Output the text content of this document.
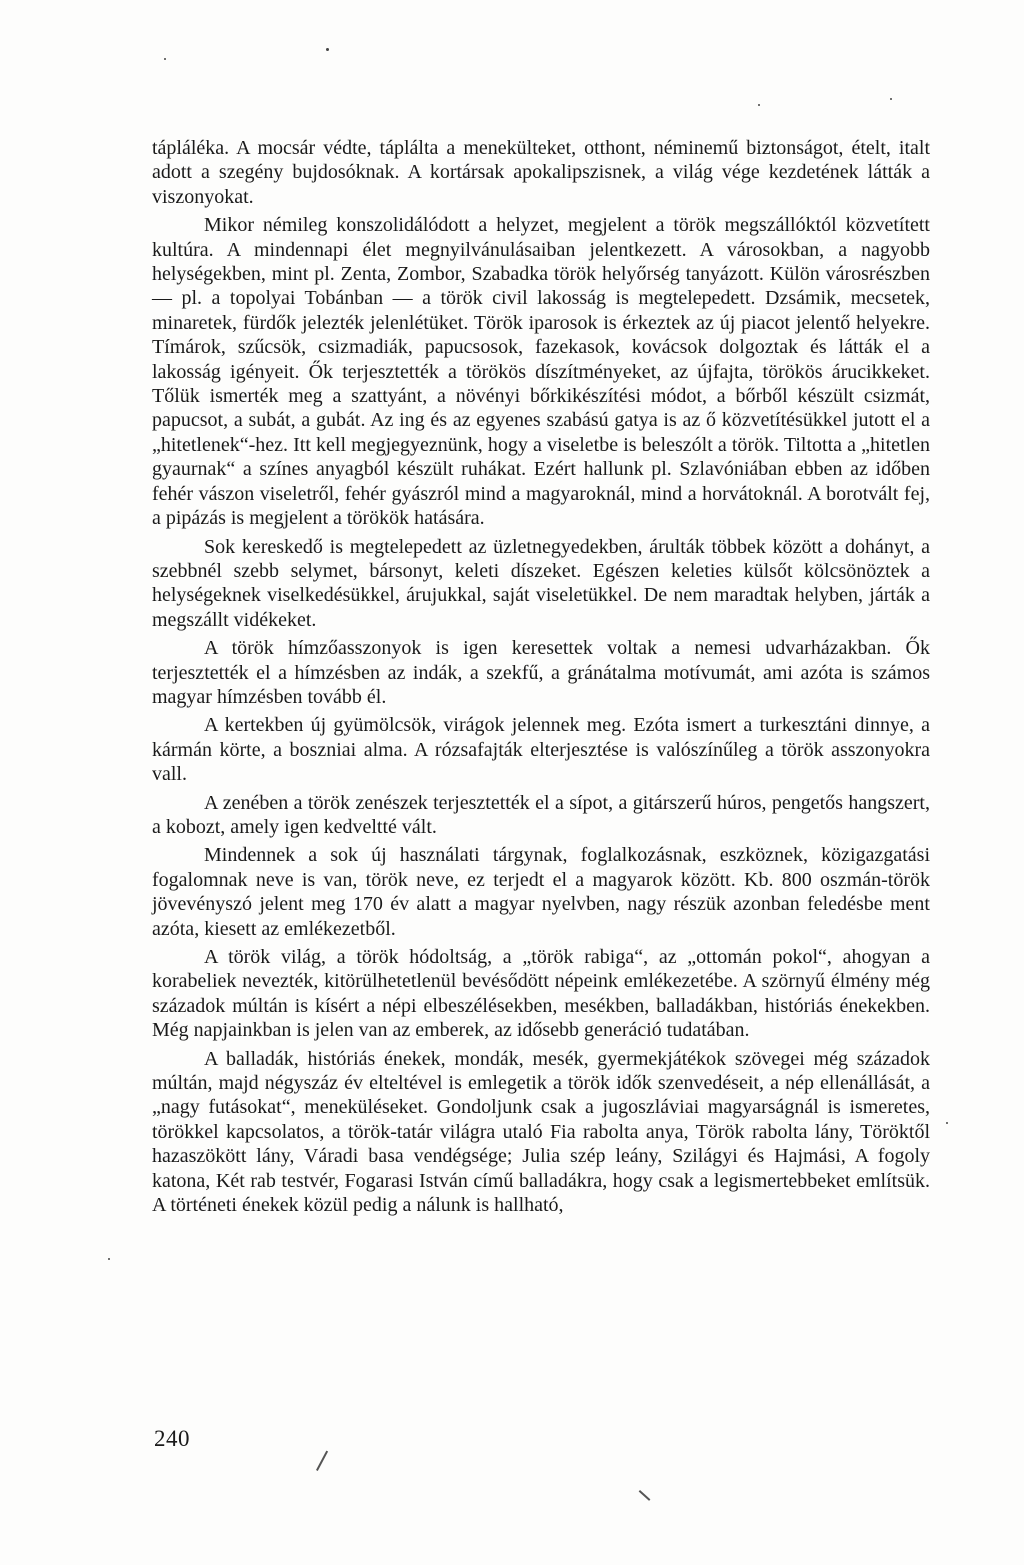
tápláléka. A mocsár védte, táplálta a menekülteket, otthont, néminemű biztonságot, ételt, italt adott a szegény bujdosóknak. A kortársak apokalipszisnek, a világ vége kezdetének látták a viszonyokat.

Mikor némileg konszolidálódott a helyzet, megjelent a török megszállóktól közvetített kultúra. A mindennapi élet megnyilvánulásaiban jelentkezett. A városokban, a nagyobb helységekben, mint pl. Zenta, Zombor, Szabadka török helyőrség tanyázott. Külön városrészben — pl. a topolyai Tobánban — a török civil lakosság is megtelepedett. Dzsámik, mecsetek, minaretek, fürdők jelezték jelenlétüket. Török iparosok is érkeztek az új piacot jelentő helyekre. Tímárok, szűcsök, csizmadiák, papucsosok, fazekasok, kovácsok dolgoztak és látták el a lakosság igényeit. Ők terjesztették a törökös díszítményeket, az újfajta, törökös árucikkeket. Tőlük ismerték meg a szattyánt, a növényi bőrkikészítési módot, a bőrből készült csizmát, papucsot, a subát, a gubát. Az ing és az egyenes szabású gatya is az ő közvetítésükkel jutott el a „hitetlenek“-hez. Itt kell megjegyeznünk, hogy a viseletbe is beleszólt a török. Tiltotta a „hitetlen gyaurnak“ a színes anyagból készült ruhákat. Ezért hallunk pl. Szlavóniában ebben az időben fehér vászon viseletről, fehér gyászról mind a magyaroknál, mind a horvátoknál. A borotvált fej, a pipázás is megjelent a törökök hatására.

Sok kereskedő is megtelepedett az üzletnegyedekben, árulták többek között a dohányt, a szebbnél szebb selymet, bársonyt, keleti díszeket. Egészen keleties külsőt kölcsönöztek a helységeknek viselkedésükkel, árujukkal, saját viseletükkel. De nem maradtak helyben, járták a megszállt vidékeket.

A török hímzőasszonyok is igen keresettek voltak a nemesi udvarházakban. Ők terjesztették el a hímzésben az indák, a szekfű, a gránátalma motívumát, ami azóta is számos magyar hímzésben tovább él.

A kertekben új gyümölcsök, virágok jelennek meg. Ezóta ismert a turkesztáni dinnye, a kármán körte, a boszniai alma. A rózsafajták elterjesztése is valószínűleg a török asszonyokra vall.

A zenében a török zenészek terjesztették el a sípot, a gitárszerű húros, pengetős hangszert, a kobozt, amely igen kedveltté vált.

Mindennek a sok új használati tárgynak, foglalkozásnak, eszköznek, közigazgatási fogalomnak neve is van, török neve, ez terjedt el a magyarok között. Kb. 800 oszmán-török jövevényszó jelent meg 170 év alatt a magyar nyelvben, nagy részük azonban feledésbe ment azóta, kiesett az emlékezetből.

A török világ, a török hódoltság, a „török rabiga“, az „ottomán pokol“, ahogyan a korabeliek nevezték, kitörülhetetlenül bevésődött népeink emlékezetébe. A szörnyű élmény még századok múltán is kísért a népi elbeszélésekben, mesékben, balladákban, históriás énekekben. Még napjainkban is jelen van az emberek, az idősebb generáció tudatában.

A balladák, históriás énekek, mondák, mesék, gyermekjátékok szövegei még századok múltán, majd négyszáz év elteltével is emlegetik a török idők szenvedéseit, a nép ellenállását, a „nagy futásokat“, meneküléseket. Gondoljunk csak a jugoszláviai magyarságnál is ismeretes, törökkel kapcsolatos, a török-tatár világra utaló Fia rabolta anya, Török rabolta lány, Töröktől hazaszökött lány, Váradi basa vendégsége; Julia szép leány, Szilágyi és Hajmási, A fogoly katona, Két rab testvér, Fogarasi István című balladákra, hogy csak a legismertebbeket említsük. A történeti énekek közül pedig a nálunk is hallható,

240
